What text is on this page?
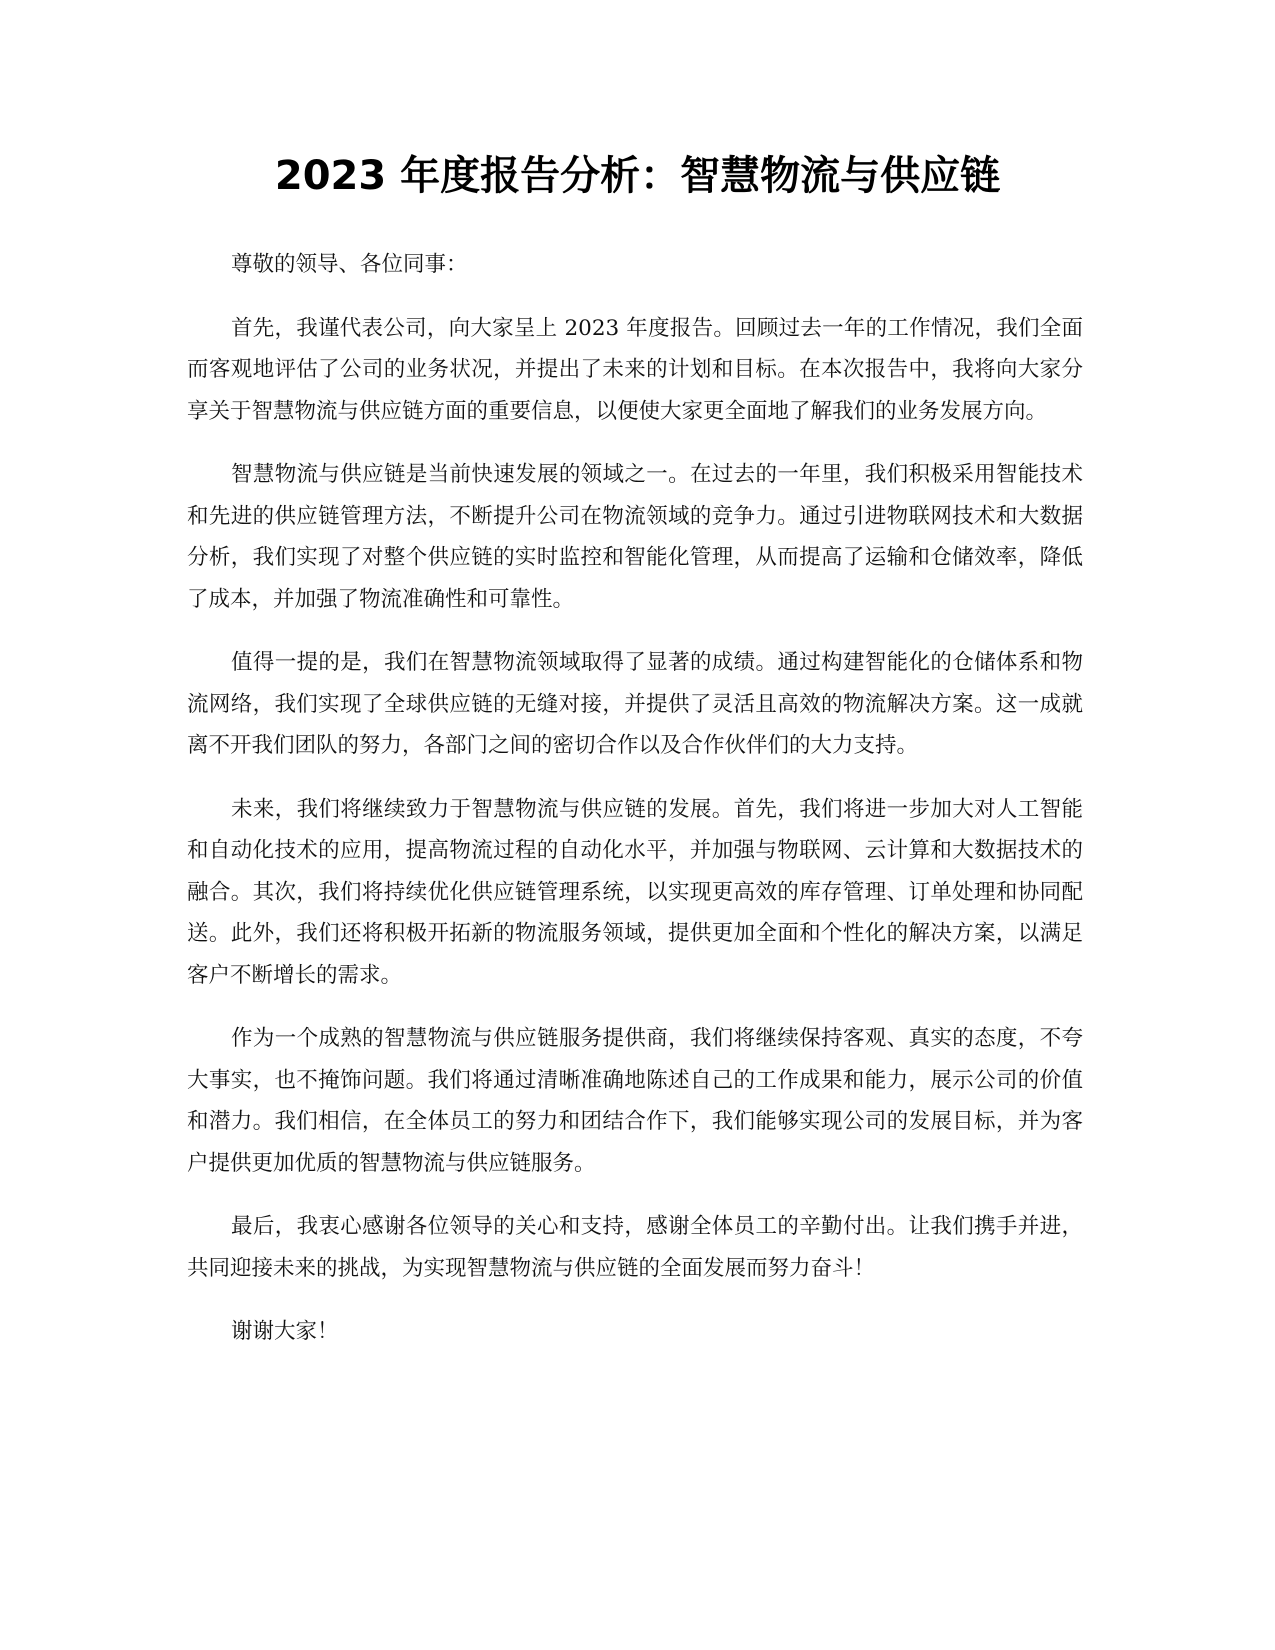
2023 年度报告分析：智慧物流与供应链

尊敬的领导、各位同事：

首先，我谨代表公司，向大家呈上 2023 年度报告。回顾过去一年的工作情况，我们全面而客观地评估了公司的业务状况，并提出了未来的计划和目标。在本次报告中，我将向大家分享关于智慧物流与供应链方面的重要信息，以便使大家更全面地了解我们的业务发展方向。

智慧物流与供应链是当前快速发展的领域之一。在过去的一年里，我们积极采用智能技术和先进的供应链管理方法，不断提升公司在物流领域的竞争力。通过引进物联网技术和大数据分析，我们实现了对整个供应链的实时监控和智能化管理，从而提高了运输和仓储效率，降低了成本，并加强了物流准确性和可靠性。

值得一提的是，我们在智慧物流领域取得了显著的成绩。通过构建智能化的仓储体系和物流网络，我们实现了全球供应链的无缝对接，并提供了灵活且高效的物流解决方案。这一成就离不开我们团队的努力，各部门之间的密切合作以及合作伙伴们的大力支持。

未来，我们将继续致力于智慧物流与供应链的发展。首先，我们将进一步加大对人工智能和自动化技术的应用，提高物流过程的自动化水平，并加强与物联网、云计算和大数据技术的融合。其次，我们将持续优化供应链管理系统，以实现更高效的库存管理、订单处理和协同配送。此外，我们还将积极开拓新的物流服务领域，提供更加全面和个性化的解决方案，以满足客户不断增长的需求。

作为一个成熟的智慧物流与供应链服务提供商，我们将继续保持客观、真实的态度，不夸大事实，也不掩饰问题。我们将通过清晰准确地陈述自己的工作成果和能力，展示公司的价值和潜力。我们相信，在全体员工的努力和团结合作下，我们能够实现公司的发展目标，并为客户提供更加优质的智慧物流与供应链服务。

最后，我衷心感谢各位领导的关心和支持，感谢全体员工的辛勤付出。让我们携手并进，共同迎接未来的挑战，为实现智慧物流与供应链的全面发展而努力奋斗！

谢谢大家！
